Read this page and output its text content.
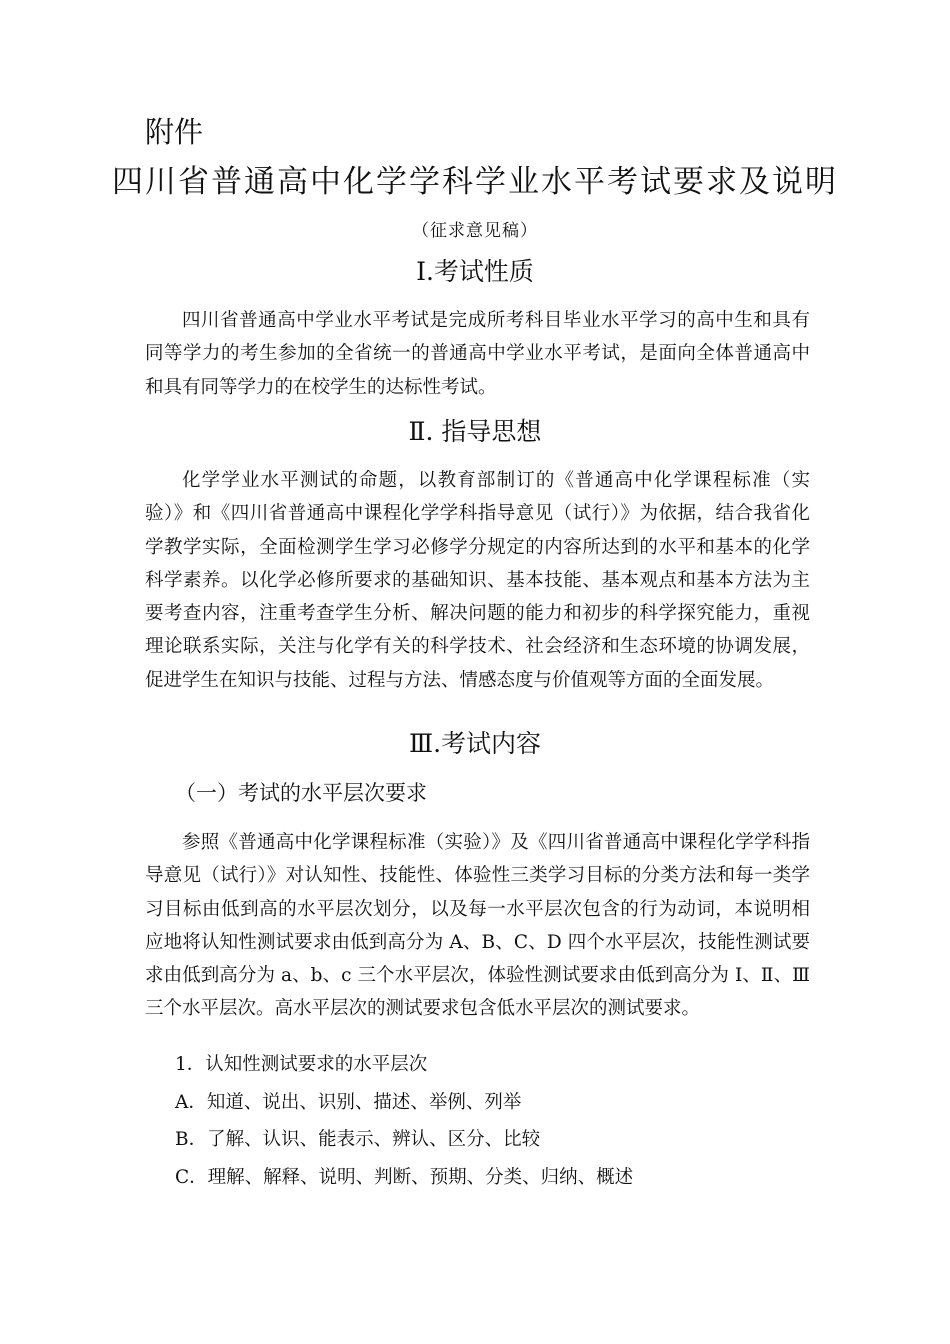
附件
四川省普通高中化学学科学业水平考试要求及说明
（征求意见稿）
Ⅰ.考试性质

四川省普通高中学业水平考试是完成所考科目毕业水平学习的高中生和具有同等学力的考生参加的全省统一的普通高中学业水平考试，是面向全体普通高中和具有同等学力的在校学生的达标性考试。

Ⅱ. 指导思想

化学学业水平测试的命题，以教育部制订的《普通高中化学课程标准（实验）》和《四川省普通高中课程化学学科指导意见（试行）》为依据，结合我省化学教学实际，全面检测学生学习必修学分规定的内容所达到的水平和基本的化学科学素养。以化学必修所要求的基础知识、基本技能、基本观点和基本方法为主要考查内容，注重考查学生分析、解决问题的能力和初步的科学探究能力，重视理论联系实际，关注与化学有关的科学技术、社会经济和生态环境的协调发展，促进学生在知识与技能、过程与方法、情感态度与价值观等方面的全面发展。

Ⅲ.考试内容
（一）考试的水平层次要求

参照《普通高中化学课程标准（实验）》及《四川省普通高中课程化学学科指导意见（试行）》对认知性、技能性、体验性三类学习目标的分类方法和每一类学习目标由低到高的水平层次划分，以及每一水平层次包含的行为动词，本说明相应地将认知性测试要求由低到高分为 A、B、C、D 四个水平层次，技能性测试要求由低到高分为 a、b、c 三个水平层次，体验性测试要求由低到高分为 Ⅰ、Ⅱ、Ⅲ三个水平层次。高水平层次的测试要求包含低水平层次的测试要求。

1．认知性测试要求的水平层次
A．知道、说出、识别、描述、举例、列举
B．了解、认识、能表示、辨认、区分、比较
C．理解、解释、说明、判断、预期、分类、归纳、概述
